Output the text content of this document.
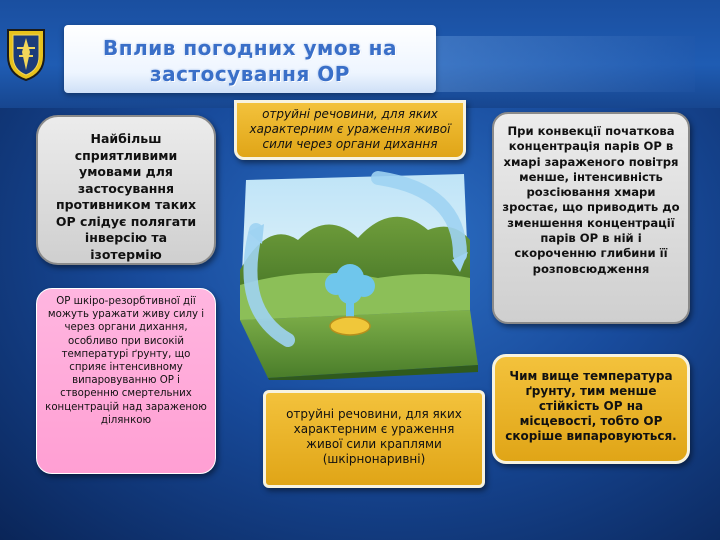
Вплив погодних умов на
застосування ОР
Найбільш сприятливими умовами для застосування противником таких ОР слідує полягати інверсію та ізотермію
ОР шкіро-резорбтивної дії можуть уражати живу силу і через органи дихання, особливо при високій температурі ґрунту, що сприяє інтенсивному випаровуванню ОР і створенню смертельних концентрацій над зараженою ділянкою
отруйні речовини, для яких характерним є ураження живої сили через органи дихання
При конвекції початкова концентрація парів ОР в хмарі зараженого повітря менше, інтенсивність розсіювання хмари зростає, що приводить до зменшення концентрації парів ОР в ній і скороченню глибини її розповсюдження
отруйні речовини, для яких характерним є ураження живої сили краплями (шкірнонаривні)
Чим вище температура ґрунту, тим менше стійкість ОР на місцевості, тобто ОР скоріше випаровуються.
